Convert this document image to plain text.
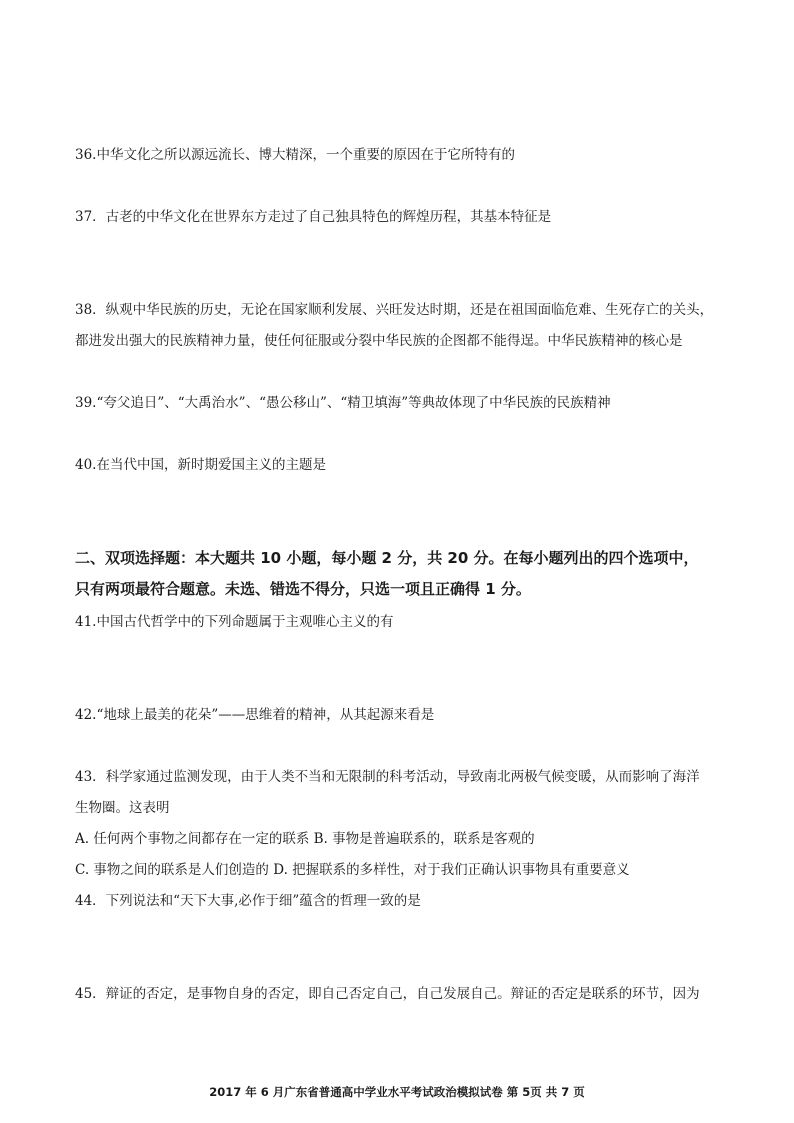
36.中华文化之所以源远流长、博大精深，一个重要的原因在于它所特有的
37．古老的中华文化在世界东方走过了自己独具特色的辉煌历程，其基本特征是
38．纵观中华民族的历史，无论在国家顺利发展、兴旺发达时期，还是在祖国面临危难、生死存亡的关头，
都进发出强大的民族精神力量，使任何征服或分裂中华民族的企图都不能得逞。中华民族精神的核心是
39.“夸父追日”、“大禹治水”、“愚公移山”、“精卫填海”等典故体现了中华民族的民族精神
40.在当代中国，新时期爱国主义的主题是
二、双项选择题：本大题共 10 小题，每小题 2 分，共 20 分。在每小题列出的四个选项中，
只有两项最符合题意。未选、错选不得分，只选一项且正确得 1 分。
41.中国古代哲学中的下列命题属于主观唯心主义的有
42.“地球上最美的花朵”——思维着的精神，从其起源来看是
43．科学家通过监测发现，由于人类不当和无限制的科考活动，导致南北两极气候变暖，从而影响了海洋
生物圈。这表明
A. 任何两个事物之间都存在一定的联系 B. 事物是普遍联系的，联系是客观的
C. 事物之间的联系是人们创造的 D. 把握联系的多样性，对于我们正确认识事物具有重要意义
44．下列说法和“天下大事,必作于细”蕴含的哲理一致的是
45．辩证的否定，是事物自身的否定，即自己否定自己，自己发展自己。辩证的否定是联系的环节，因为
2017 年 6 月广东省普通高中学业水平考试政治模拟试卷 第 5页 共 7 页
